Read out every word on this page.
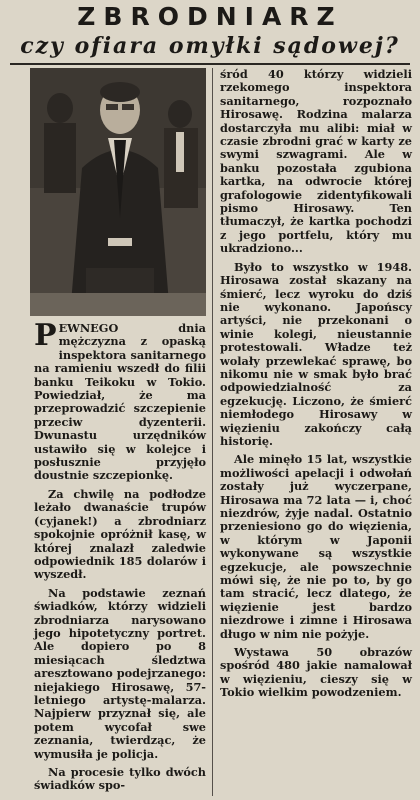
ZBRODNIARZ
czy ofiara omyłki sądowej?

PEWNEGO dnia mężczyzna z opaską inspektora sanitarnego na ramieniu wszedł do filii banku Teikoku w Tokio. Powiedział, że ma przeprowadzić szczepienie przeciw dyzenterii. Dwunastu urzędników ustawiło się w kolejce i posłusznie przyjęło doustnie szczepionkę.

Za chwilę na podłodze leżało dwanaście trupów (cyjanek!) a zbrodniarz spokojnie opróżnił kasę, w której znalazł zaledwie odpowiednik 185 dolarów i wyszedł.

Na podstawie zeznań świadków, którzy widzieli zbrodniarza narysowano jego hipotetyczny portret. Ale dopiero po 8 miesiącach śledztwa aresztowano podejrzanego: niejakiego Hirosawę, 57-letniego artystę-malarza. Najpierw przyznał się, ale potem wycofał swe zeznania, twierdząc, że wymusiła je policja.

Na procesie tylko dwóch świadków spo-

śród 40 którzy widzieli rzekomego inspektora sanitarnego, rozpoznało Hirosawę. Rodzina malarza dostarczyła mu alibi: miał w czasie zbrodni grać w karty ze swymi szwagrami. Ale w banku pozostała zgubiona kartka, na odwrocie której grafologowie zidentyfikowali pismo Hirosawy. Ten tłumaczył, że kartka pochodzi z jego portfelu, który mu ukradziono...

Było to wszystko w 1948. Hirosawa został skazany na śmierć, lecz wyroku do dziś nie wykonano. Japońscy artyści, nie przekonani o winie kolegi, nieustannie protestowali. Władze też wolały przewlekać sprawę, bo nikomu nie w smak było brać odpowiedzialność za egzekucję. Liczono, że śmierć niemłodego Hirosawy w więzieniu zakończy całą historię.

Ale minęło 15 lat, wszystkie możliwości apelacji i odwołań zostały już wyczerpane, Hirosawa ma 72 lata — i, choć niezdrów, żyje nadal. Ostatnio przeniesiono go do więzienia, w którym w Japonii wykonywane są wszystkie egzekucje, ale powszechnie mówi się, że nie po to, by go tam stracić, lecz dlatego, że więzienie jest bardzo niezdrowe i zimne i Hirosawa długo w nim nie pożyje.

Wystawa 50 obrazów spośród 480 jakie namalował w więzieniu, cieszy się w Tokio wielkim powodzeniem.
